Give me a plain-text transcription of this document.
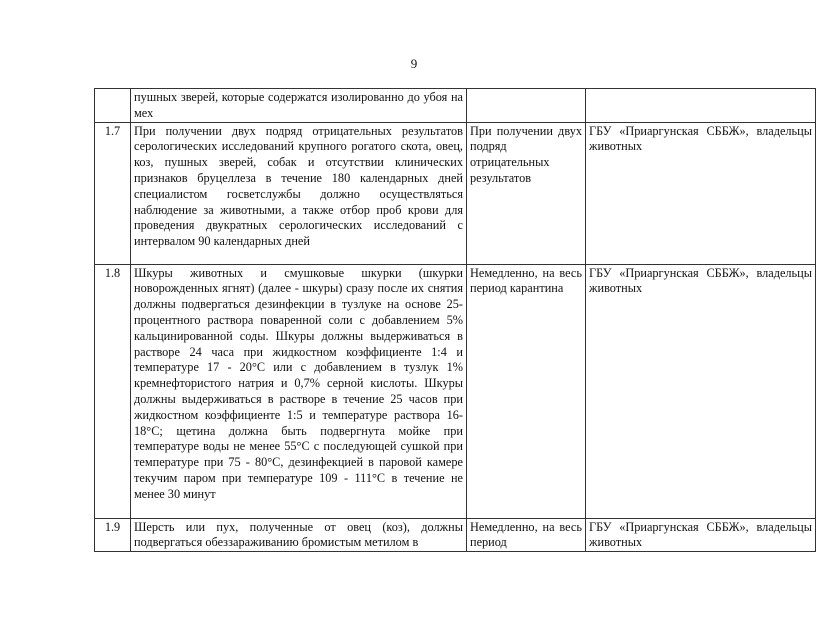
9
	пушных зверей, которые содержатся изолированно до убоя на мех		
1.7	При получении двух подряд отрицательных результатов серологических исследований крупного рогатого скота, овец, коз, пушных зверей, собак и отсутствии клинических признаков бруцеллеза в течение 180 календарных дней специалистом госветслужбы должно осуществляться наблюдение за животными, а также отбор проб крови для проведения двукратных серологических исследований с интервалом 90 календарных дней	При получении двух подряд отрицательных результатов	ГБУ «Приаргунская СББЖ», владельцы животных
1.8	Шкуры животных и смушковые шкурки (шкурки новорожденных ягнят) (далее - шкуры) сразу после их снятия должны подвергаться дезинфекции в тузлуке на основе 25-процентного раствора поваренной соли с добавлением 5% кальцинированной соды. Шкуры должны выдерживаться в растворе 24 часа при жидкостном коэффициенте 1:4 и температуре 17 - 20°С или с добавлением в тузлук 1% кремнефтористого натрия и 0,7% серной кислоты. Шкуры должны выдерживаться в растворе в течение 25 часов при жидкостном коэффициенте 1:5 и температуре раствора 16-18°С; щетина должна быть подвергнута мойке при температуре воды не менее 55°С с последующей сушкой при температуре при 75 - 80°С, дезинфекцией в паровой камере текучим паром при температуре 109 - 111°С в течение не менее 30 минут	Немедленно, на весь период карантина	ГБУ «Приаргунская СББЖ», владельцы животных
1.9	Шерсть или пух, полученные от овец (коз), должны подвергаться обеззараживанию бромистым метилом в	Немедленно, на весь период	ГБУ «Приаргунская СББЖ», владельцы животных
